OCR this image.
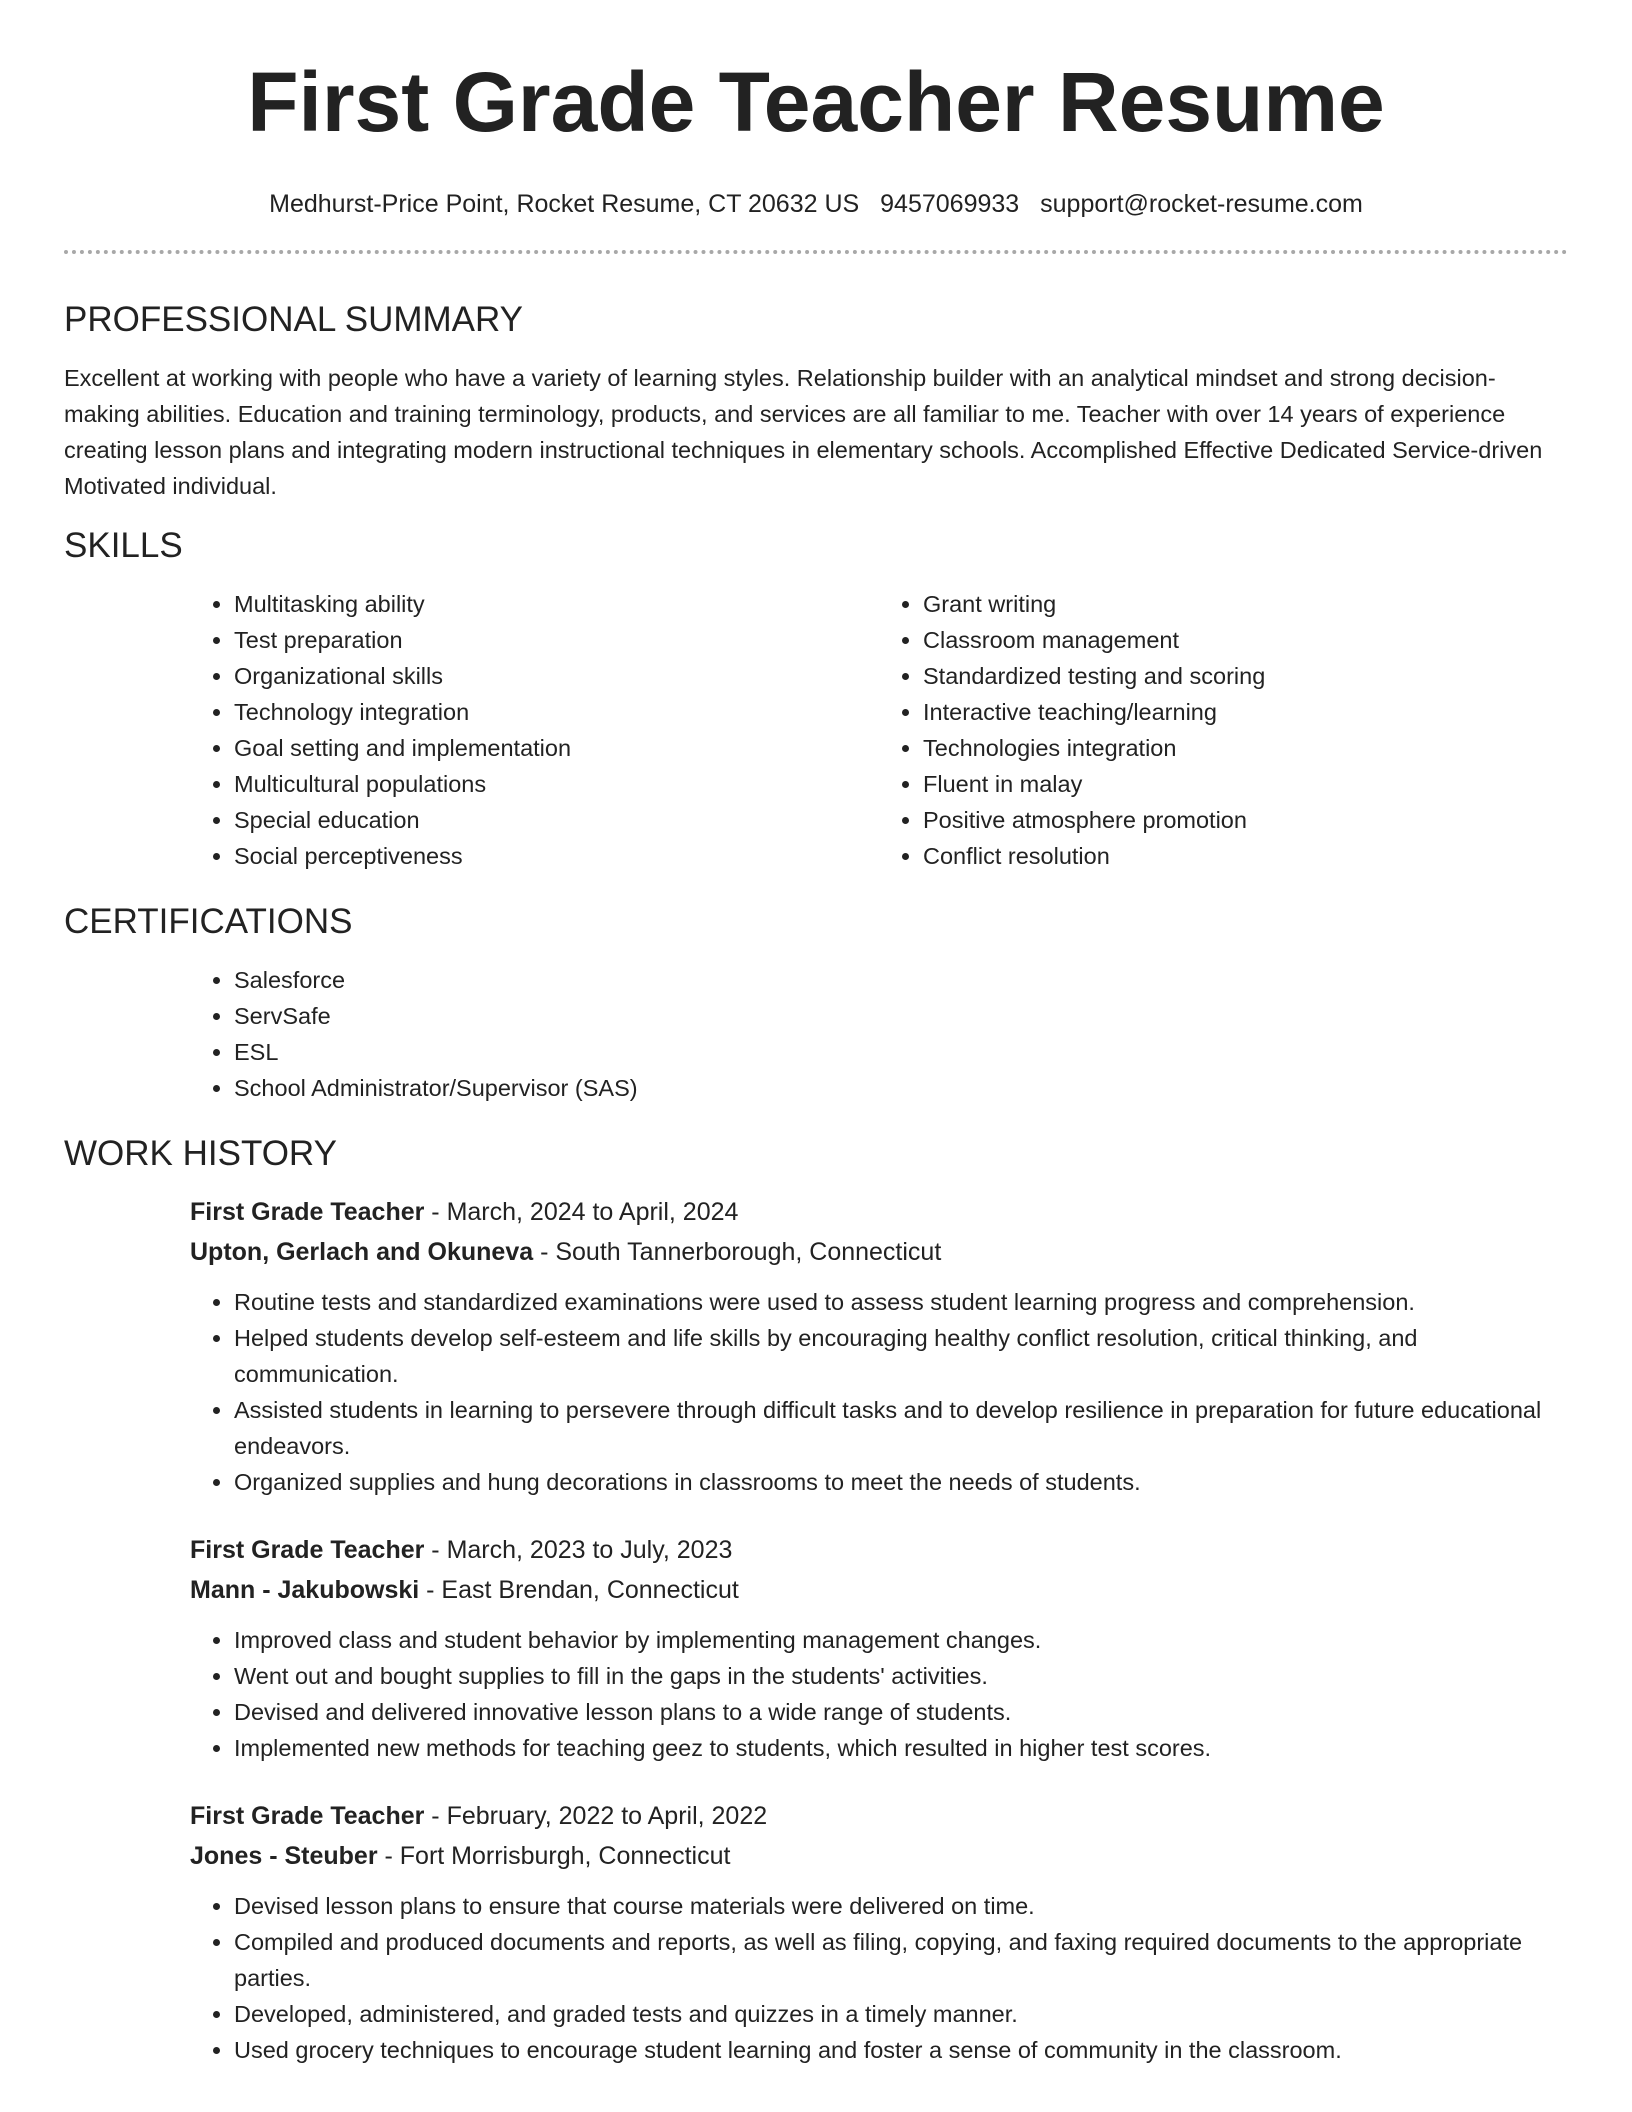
First Grade Teacher Resume
Medhurst-Price Point, Rocket Resume, CT 20632 US 9457069933 support@rocket-resume.com
PROFESSIONAL SUMMARY

Excellent at working with people who have a variety of learning styles. Relationship builder with an analytical mindset and strong decision-making abilities. Education and training terminology, products, and services are all familiar to me. Teacher with over 14 years of experience creating lesson plans and integrating modern instructional techniques in elementary schools. Accomplished Effective Dedicated Service-driven Motivated individual.

SKILLS
• Multitasking ability
• Test preparation
• Organizational skills
• Technology integration
• Goal setting and implementation
• Multicultural populations
• Special education
• Social perceptiveness
• Grant writing
• Classroom management
• Standardized testing and scoring
• Interactive teaching/learning
• Technologies integration
• Fluent in malay
• Positive atmosphere promotion
• Conflict resolution
CERTIFICATIONS
• Salesforce
• ServSafe
• ESL
• School Administrator/Supervisor (SAS)
WORK HISTORY
First Grade Teacher - March, 2024 to April, 2024
Upton, Gerlach and Okuneva - South Tannerborough, Connecticut
• Routine tests and standardized examinations were used to assess student learning progress and comprehension.
• Helped students develop self-esteem and life skills by encouraging healthy conflict resolution, critical thinking, and communication.
• Assisted students in learning to persevere through difficult tasks and to develop resilience in preparation for future educational endeavors.
• Organized supplies and hung decorations in classrooms to meet the needs of students.
First Grade Teacher - March, 2023 to July, 2023
Mann - Jakubowski - East Brendan, Connecticut
• Improved class and student behavior by implementing management changes.
• Went out and bought supplies to fill in the gaps in the students' activities.
• Devised and delivered innovative lesson plans to a wide range of students.
• Implemented new methods for teaching geez to students, which resulted in higher test scores.
First Grade Teacher - February, 2022 to April, 2022
Jones - Steuber - Fort Morrisburgh, Connecticut
• Devised lesson plans to ensure that course materials were delivered on time.
• Compiled and produced documents and reports, as well as filing, copying, and faxing required documents to the appropriate parties.
• Developed, administered, and graded tests and quizzes in a timely manner.
• Used grocery techniques to encourage student learning and foster a sense of community in the classroom.
